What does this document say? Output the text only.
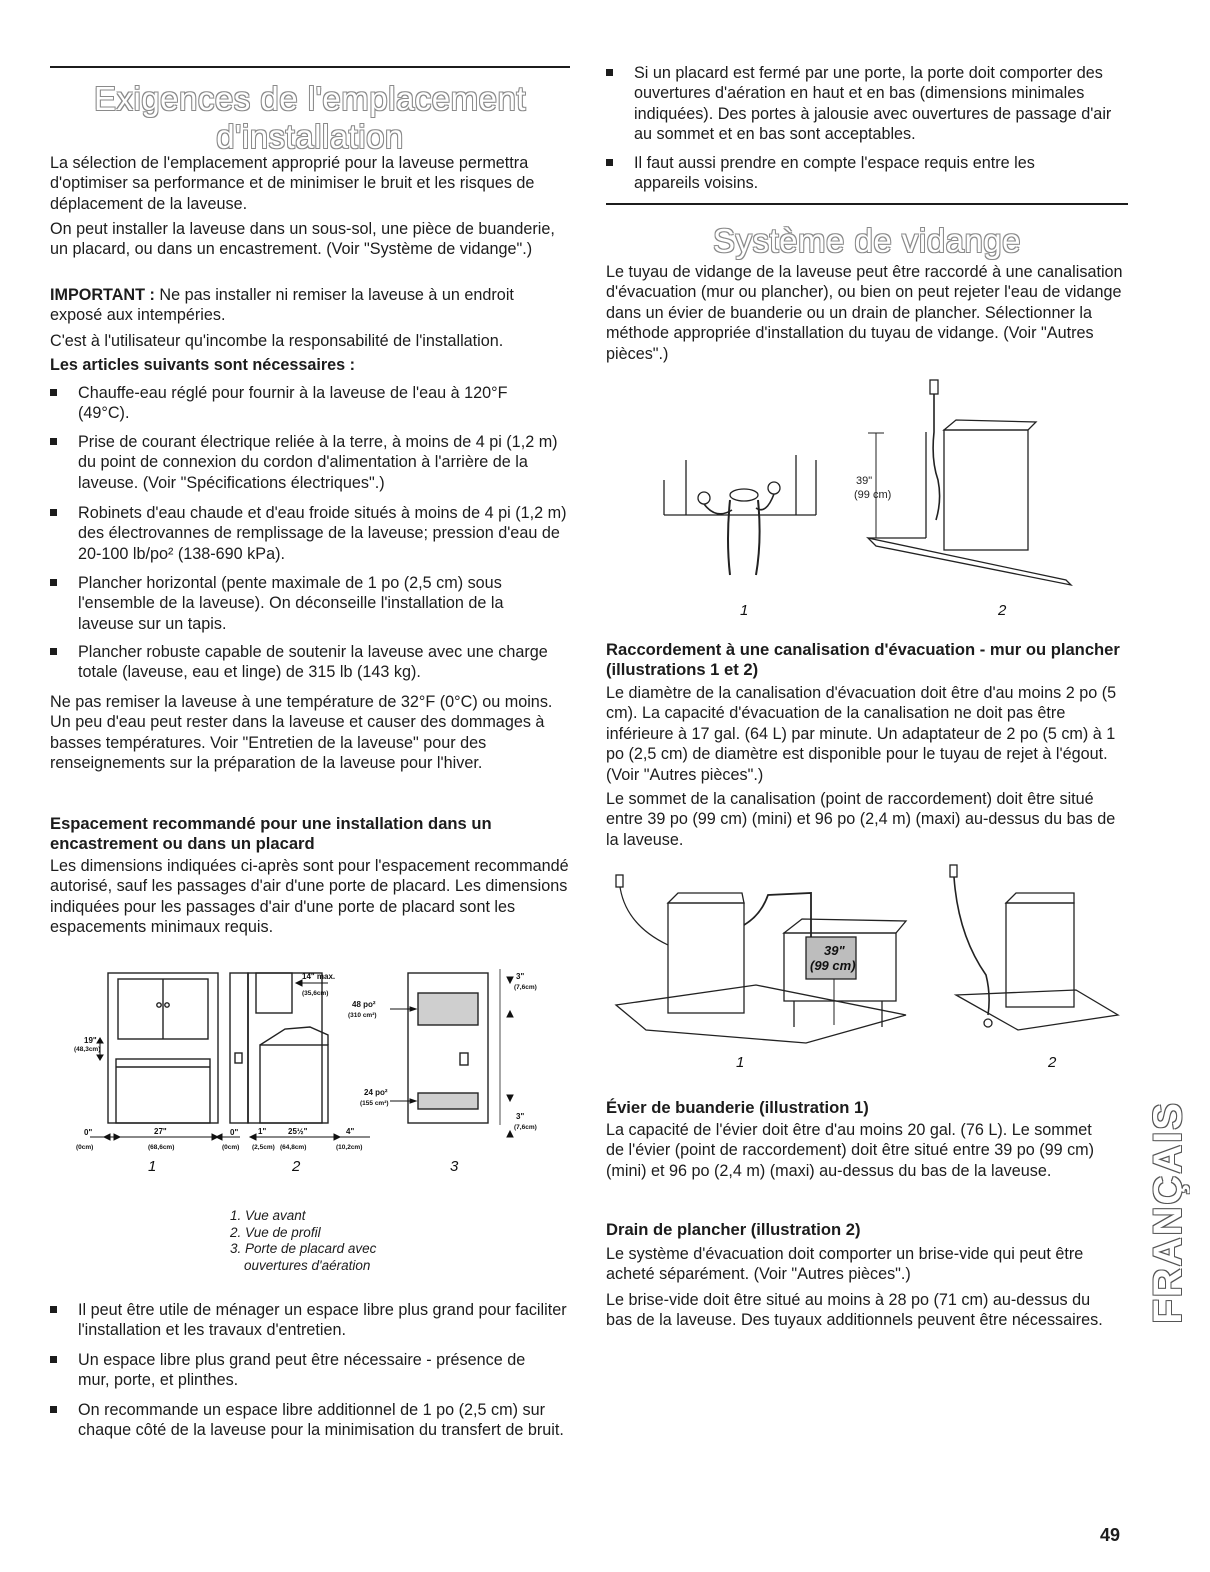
Exigences de l'emplacement
d'installation

La sélection de l'emplacement approprié pour la laveuse permettra d'optimiser sa performance et de minimiser le bruit et les risques de déplacement de la laveuse.

On peut installer la laveuse dans un sous-sol, une pièce de buanderie, un placard, ou dans un encastrement. (Voir "Système de vidange".)

IMPORTANT : Ne pas installer ni remiser la laveuse à un endroit exposé aux intempéries.

C'est à l'utilisateur qu'incombe la responsabilité de l'installation.

Les articles suivants sont nécessaires :

Chauffe-eau réglé pour fournir à la laveuse de l'eau à 120°F (49°C).
Prise de courant électrique reliée à la terre, à moins de 4 pi (1,2 m) du point de connexion du cordon d'alimentation à l'arrière de la laveuse. (Voir "Spécifications électriques".)
Robinets d'eau chaude et d'eau froide situés à moins de 4 pi (1,2 m) des électrovannes de remplissage de la laveuse; pression d'eau de 20-100 lb/po² (138-690 kPa).
Plancher horizontal (pente maximale de 1 po (2,5 cm) sous l'ensemble de la laveuse). On déconseille l'installation de la laveuse sur un tapis.
Plancher robuste capable de soutenir la laveuse avec une charge totale (laveuse, eau et linge) de 315 lb (143 kg).

Ne pas remiser la laveuse à une température de 32°F (0°C) ou moins. Un peu d'eau peut rester dans la laveuse et causer des dommages à basses températures. Voir "Entretien de la laveuse" pour des renseignements sur la préparation de la laveuse pour l'hiver.

Espacement recommandé pour une installation dans un encastrement ou dans un placard

Les dimensions indiquées ci-après sont pour l'espacement recommandé autorisé, sauf les passages d'air d'une porte de placard. Les dimensions indiquées pour les passages d'air d'une porte de placard sont les espacements minimaux requis.

19"
(48,3cm)
0"
(0cm)
27"
(68,6cm)
0"
(0cm)
1"
(2,5cm)
25½"
(64,8cm)
4"
(10,2cm)
14" max.
(35,6cm)
48 po²
(310 cm²)
24 po²
(155 cm²)
3"
(7,6cm)
3"
(7,6cm)
1	2	3
1. Vue avant
2. Vue de profil
3. Porte de placard avec
ouvertures d'aération
Il peut être utile de ménager un espace libre plus grand pour faciliter l'installation et les travaux d'entretien.
Un espace libre plus grand peut être nécessaire - présence de mur, porte, et plinthes.
On recommande un espace libre additionnel de 1 po (2,5 cm) sur chaque côté de la laveuse pour la minimisation du transfert de bruit.
Si un placard est fermé par une porte, la porte doit comporter des ouvertures d'aération en haut et en bas (dimensions minimales indiquées). Des portes à jalousie avec ouvertures de passage d'air au sommet et en bas sont acceptables.
Il faut aussi prendre en compte l'espace requis entre les appareils voisins.
Système de vidange

Le tuyau de vidange de la laveuse peut être raccordé à une canalisation d'évacuation (mur ou plancher), ou bien on peut rejeter l'eau de vidange dans un évier de buanderie ou un drain de plancher. Sélectionner la méthode appropriée d'installation du tuyau de vidange. (Voir "Autres pièces".)

39"
(99 cm)
1	2

Raccordement à une canalisation d'évacuation - mur ou plancher (illustrations 1 et 2)

Le diamètre de la canalisation d'évacuation doit être d'au moins 2 po (5 cm). La capacité d'évacuation de la canalisation ne doit pas être inférieure à 17 gal. (64 L) par minute. Un adaptateur de 2 po (5 cm) à 1 po (2,5 cm) de diamètre est disponible pour le tuyau de rejet à l'égout. (Voir "Autres pièces".)

Le sommet de la canalisation (point de raccordement) doit être situé entre 39 po (99 cm) (mini) et 96 po (2,4 m) (maxi) au-dessus du bas de la laveuse.

39"
(99 cm)
1	2

Évier de buanderie (illustration 1)

La capacité de l'évier doit être d'au moins 20 gal. (76 L). Le sommet de l'évier (point de raccordement) doit être situé entre 39 po (99 cm) (mini) et 96 po (2,4 m) (maxi) au-dessus du bas de la laveuse.

Drain de plancher (illustration 2)

Le système d'évacuation doit comporter un brise-vide qui peut être acheté séparément. (Voir "Autres pièces".)

Le brise-vide doit être situé au moins à 28 po (71 cm) au-dessus du bas de la laveuse. Des tuyaux additionnels peuvent être nécessaires. FRANÇAIS
49
